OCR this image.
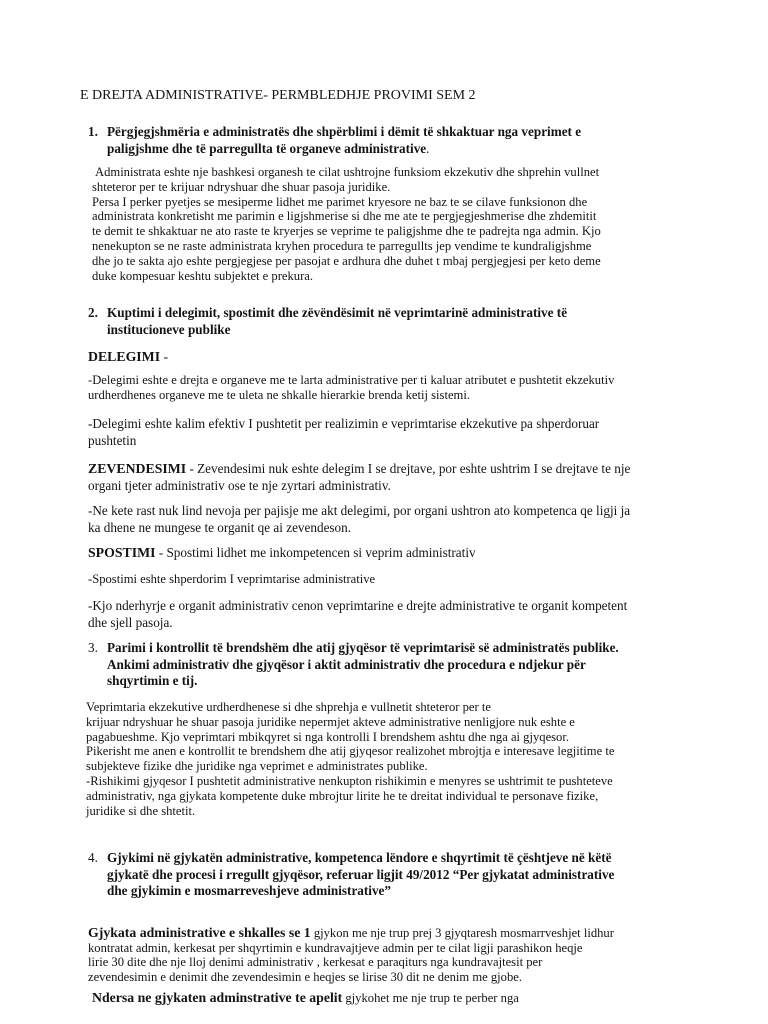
E DREJTA ADMINISTRATIVE- PERMBLEDHJE PROVIMI SEM 2

1. Përgjegjshmëria e administratës dhe shpërblimi i dëmit të shkaktuar nga veprimet e
paligjshme dhe të parregullta të organeve administrative.
Administrata eshte nje bashkesi organesh te cilat ushtrojne funksiom ekzekutiv dhe shprehin vullnet
shteteror per te krijuar ndryshuar dhe shuar pasoja juridike.
Persa I perker pyetjes se mesiperme lidhet me parimet kryesore ne baz te se cilave funksionon dhe
administrata konkretisht me parimin e ligjshmerise si dhe me ate te pergjegjeshmerise dhe zhdemitit
te demit te shkaktuar ne ato raste te kryerjes se veprime te paligjshme dhe te padrejta nga admin. Kjo
nenekupton se ne raste administrata kryhen procedura te parregullts jep vendime te kundraligjshme
dhe jo te sakta ajo eshte pergjegjese per pasojat e ardhura dhe duhet t mbaj pergjegjesi per keto deme
duke kompesuar keshtu subjektet e prekura.
2. Kuptimi i delegimit, spostimit dhe zëvëndësimit në veprimtarinë administrative të
institucioneve publike

DELEGIMI -

-Delegimi eshte e drejta e organeve me te larta administrative per ti kaluar atributet e pushtetit ekzekutiv
urdherdhenes organeve me te uleta ne shkalle hierarkie brenda ketij sistemi.
-Delegimi eshte kalim efektiv I pushtetit per realizimin e veprimtarise ekzekutive pa shperdoruar
pushtetin
ZEVENDESIMI - Zevendesimi nuk eshte delegim I se drejtave, por eshte ushtrim I se drejtave te nje
organi tjeter administrativ ose te nje zyrtari administrativ.
-Ne kete rast nuk lind nevoja per pajisje me akt delegimi, por organi ushtron ato kompetenca qe ligji ja
ka dhene ne mungese te organit qe ai zevendeson.

SPOSTIMI - Spostimi lidhet me inkompetencen si veprim administrativ

-Spostimi eshte shperdorim I veprimtarise administrative

-Kjo nderhyrje e organit administrativ cenon veprimtarine e drejte administrative te organit kompetent
dhe sjell pasoja.
3. Parimi i kontrollit të brendshëm dhe atij gjyqësor të veprimtarisë së administratës publike.
Ankimi administrativ dhe gjyqësor i aktit administrativ dhe procedura e ndjekur për
shqyrtimin e tij.
Veprimtaria ekzekutive urdherdhenese si dhe shprehja e vullnetit shteteror per te
krijuar ndryshuar he shuar pasoja juridike nepermjet akteve administrative nenligjore nuk eshte e
pagabueshme. Kjo veprimtari mbikqyret si nga kontrolli I brendshem ashtu dhe nga ai gjyqesor.
Pikerisht me anen e kontrollit te brendshem dhe atij gjyqesor realizohet mbrojtja e interesave legjitime te
subjekteve fizike dhe juridike nga veprimet e administrates publike.
-Rishikimi gjyqesor I pushtetit administrative nenkupton rishikimin e menyres se ushtrimit te pushteteve
administrativ, nga gjykata kompetente duke mbrojtur lirite he te dreitat individual te personave fizike,
juridike si dhe shtetit.
4. Gjykimi në gjykatën administrative, kompetenca lëndore e shqyrtimit të çështjeve në këtë
gjykatë dhe procesi i rregullt gjyqësor, referuar ligjit 49/2012 “Per gjykatat administrative
dhe gjykimin e mosmarreveshjeve administrative”
Gjykata administrative e shkalles se 1 gjykon me nje trup prej 3 gjyqtaresh mosmarrveshjet lidhur
kontratat admin, kerkesat per shqyrtimin e kundravajtjeve admin per te cilat ligji parashikon heqje
lirie 30 dite dhe nje lloj denimi administrativ , kerkesat e paraqiturs nga kundravajtesit per
zevendesimin e denimit dhe zevendesimin e heqjes se lirise 30 dit ne denim me gjobe.

Ndersa ne gjykaten adminstrative te apelit gjykohet me nje trup te perber nga
